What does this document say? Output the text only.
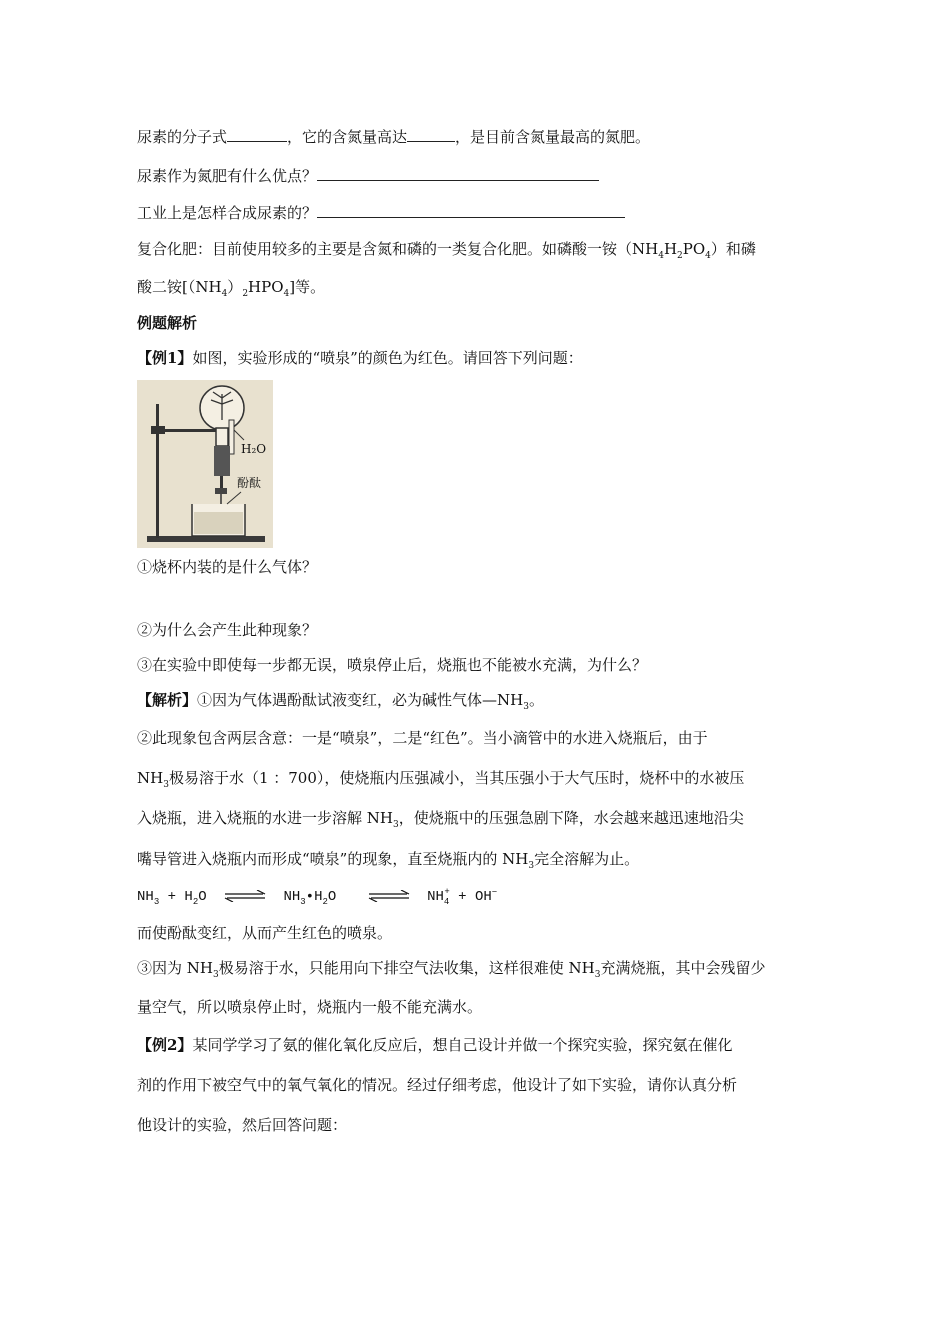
尿素的分子式	，它的含氮量高达	，是目前含氮量最高的氮肥。
尿素作为氮肥有什么优点？
工业上是怎样合成尿素的？
复合化肥：目前使用较多的主要是含氮和磷的一类复合化肥。如磷酸一铵$(NH_4H_2PO_4)$和磷
酸二铵$[(NH_4)_2HPO_4]$等。
例题解析
【例1】如图，实验形成的“喷泉”的颜色为红色。请回答下列问题：
H₂O
酚酞
①烧杯内装的是什么气体？
②为什么会产生此种现象？
③在实验中即使每一步都无误，喷泉停止后，烧瓶也不能被水充满，为什么？
【解析】①因为气体遇酚酞试液变红，必为碱性气体$—NH_3$。
②此现象包含两层含意：一是“喷泉”，二是“红色”。当小滴管中的水进入烧瓶后，由于
$NH_3$极易溶于水（1 ：700），使烧瓶内压强减小，当其压强小于大气压时，烧杯中的水被压
入烧瓶，进入烧瓶的水进一步溶解 $NH_3$，使烧瓶中的压强急剧下降，水会越来越迅速地沿尖
嘴导管进入烧瓶内而形成“喷泉”的现象，直至烧瓶内的 $NH_3$完全溶解为止。
$NH_3 + H_2O$ ⇌ $NH_3•H_2O$ ⇌ $NH_4^+ + OH^-$
而使酚酞变红，从而产生红色的喷泉。
③因为 $NH_3$极易溶于水，只能用向下排空气法收集，这样很难使 $NH_3$充满烧瓶，其中会残留少
量空气，所以喷泉停止时，烧瓶内一般不能充满水。
【例2】某同学学习了氨的催化氧化反应后，想自己设计并做一个探究实验，探究氨在催化
剂的作用下被空气中的氧气氧化的情况。经过仔细考虑，他设计了如下实验，请你认真分析
他设计的实验，然后回答问题：
